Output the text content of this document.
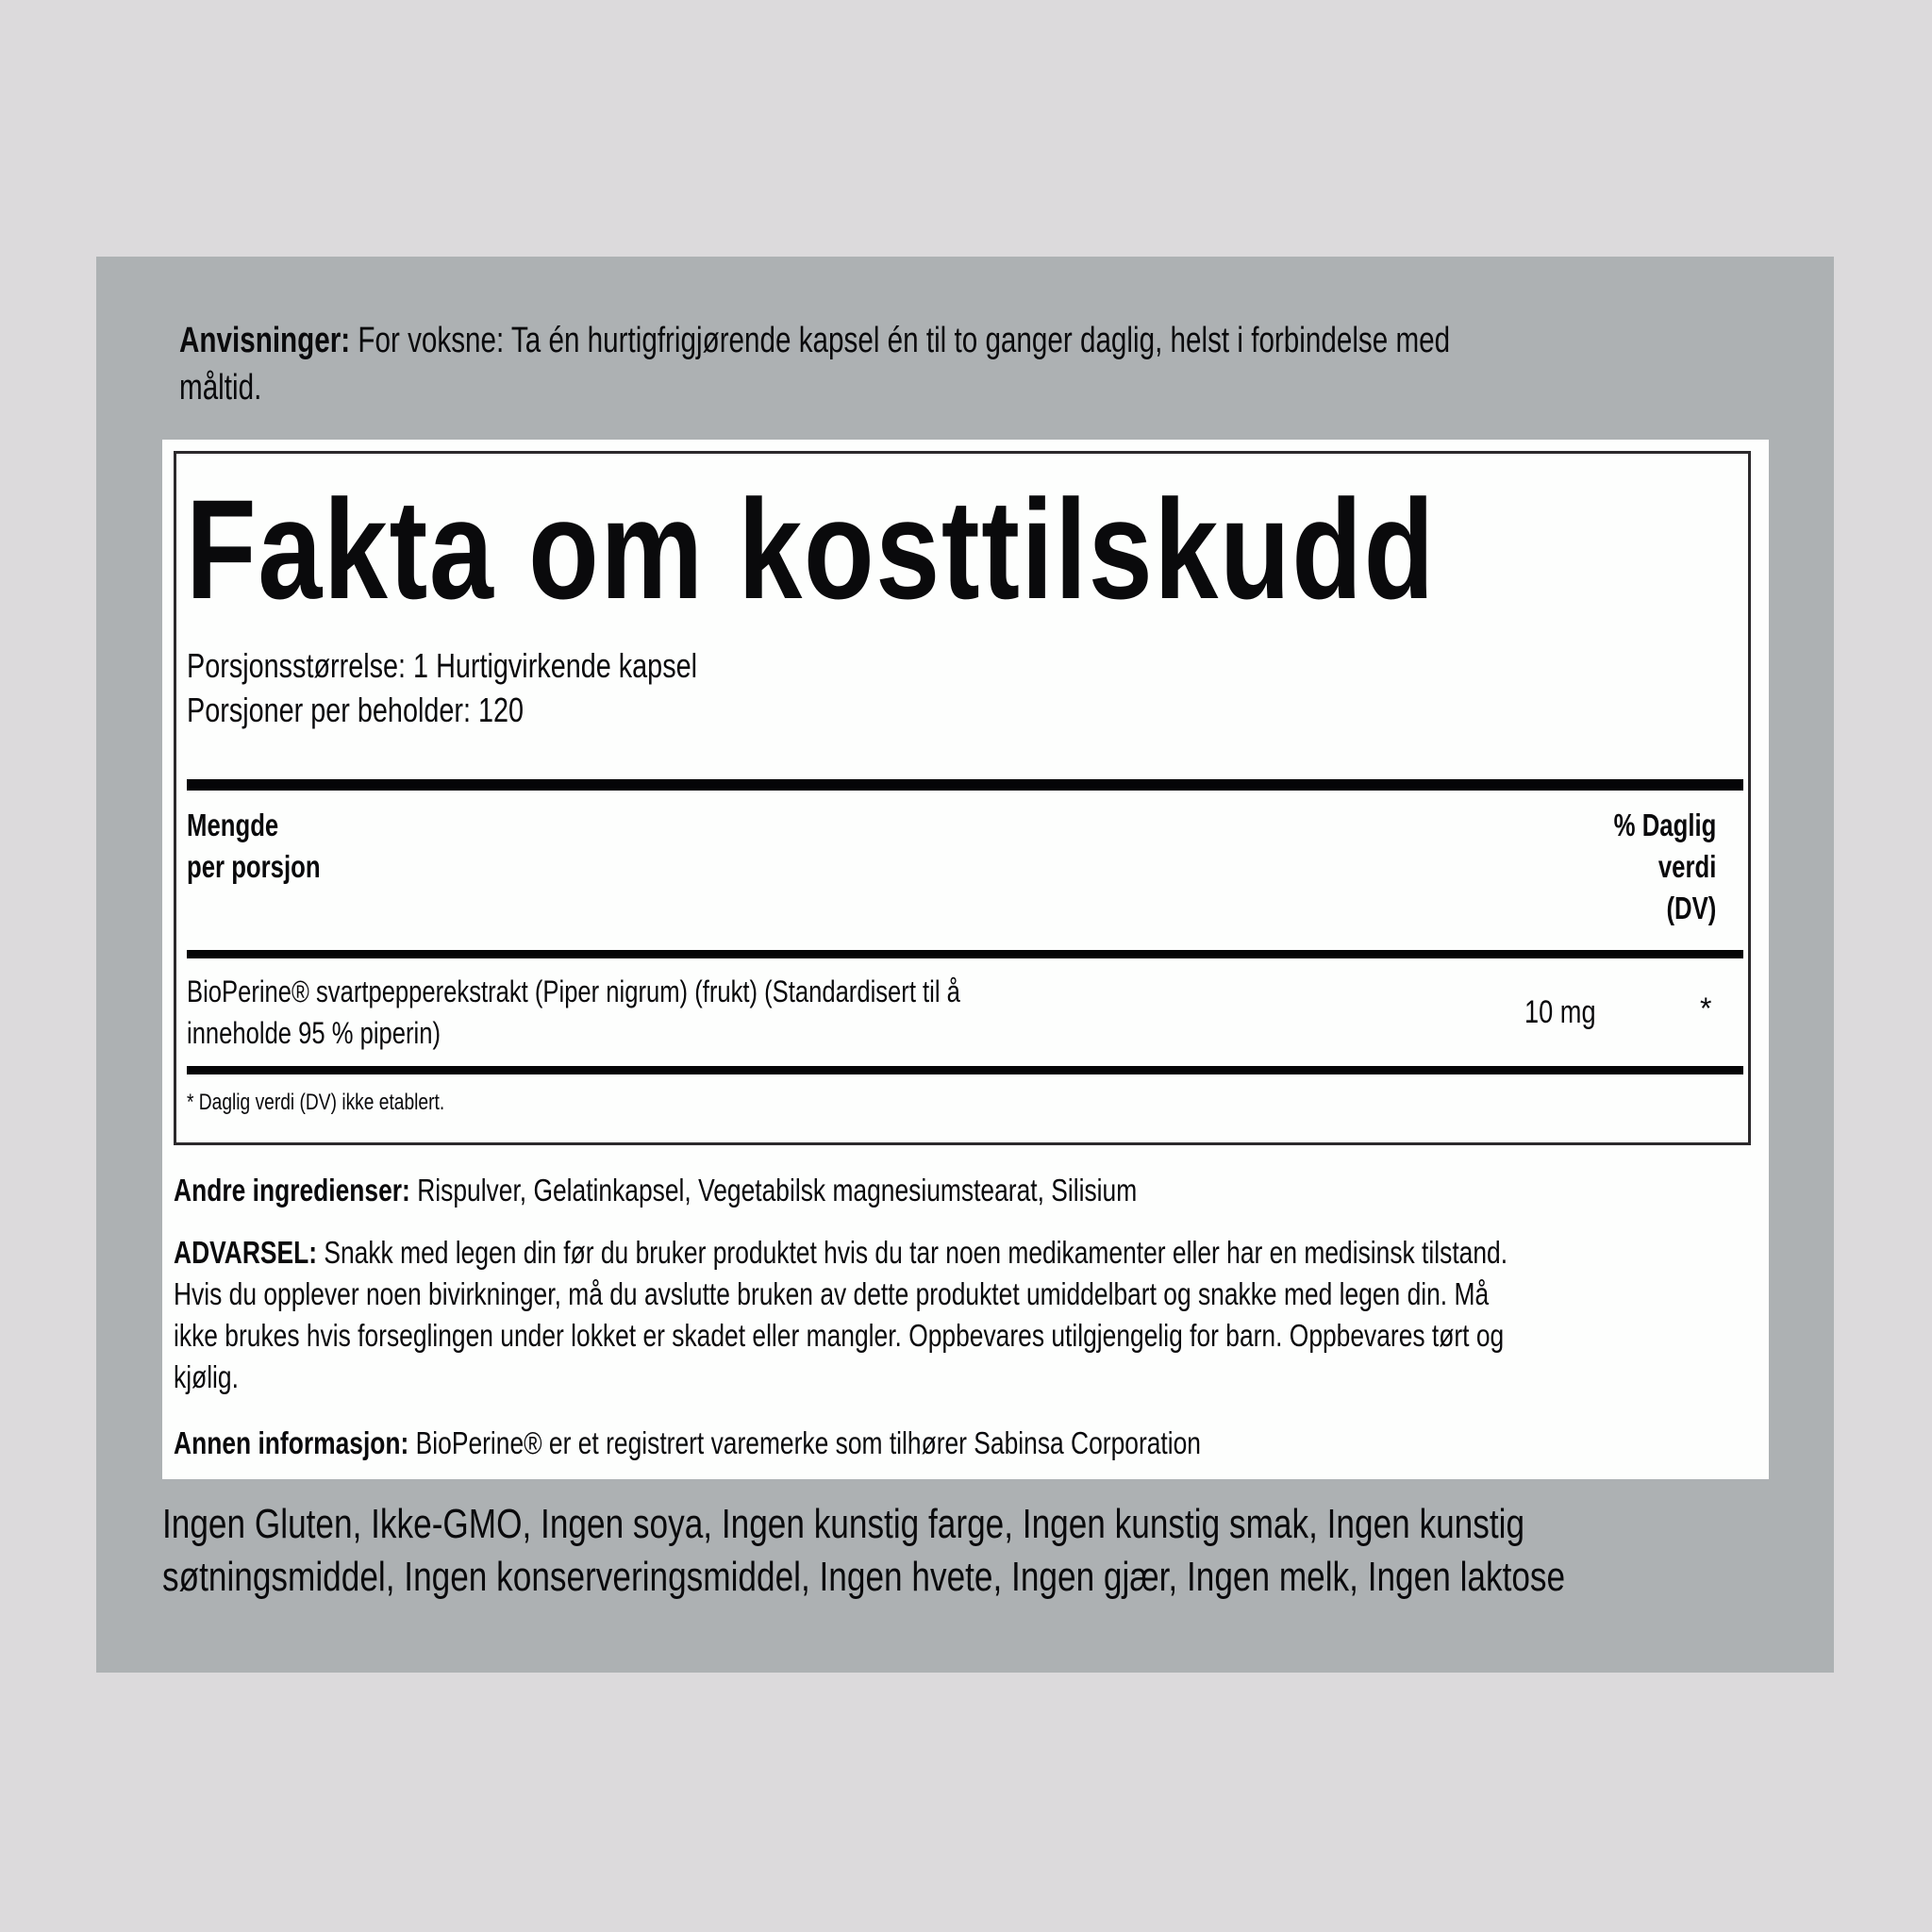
Anvisninger: For voksne: Ta én hurtigfrigjørende kapsel én til to ganger daglig, helst i forbindelse med
måltid.
Fakta om kosttilskudd
Porsjonsstørrelse: 1 Hurtigvirkende kapsel
Porsjoner per beholder: 120
Mengde
per porsjon
% Daglig
verdi
(DV)
BioPerine® svartpepperekstrakt (Piper nigrum) (frukt) (Standardisert til å
inneholde 95 % piperin)
10 mg	*
* Daglig verdi (DV) ikke etablert.
Andre ingredienser: Rispulver, Gelatinkapsel, Vegetabilsk magnesiumstearat, Silisium
ADVARSEL: Snakk med legen din før du bruker produktet hvis du tar noen medikamenter eller har en medisinsk tilstand.
Hvis du opplever noen bivirkninger, må du avslutte bruken av dette produktet umiddelbart og snakke med legen din. Må
ikke brukes hvis forseglingen under lokket er skadet eller mangler. Oppbevares utilgjengelig for barn. Oppbevares tørt og
kjølig.
Annen informasjon: BioPerine® er et registrert varemerke som tilhører Sabinsa Corporation
Ingen Gluten, Ikke-GMO, Ingen soya, Ingen kunstig farge, Ingen kunstig smak, Ingen kunstig
søtningsmiddel, Ingen konserveringsmiddel, Ingen hvete, Ingen gjær, Ingen melk, Ingen laktose
